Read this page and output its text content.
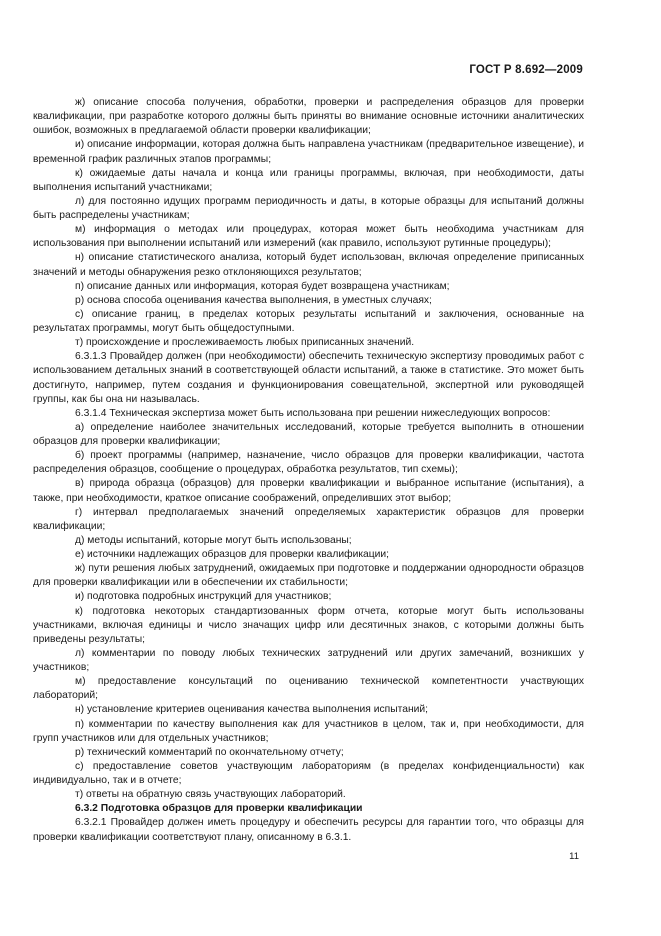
ГОСТ Р 8.692—2009

ж) описание способа получения, обработки, проверки и распределения образцов для проверки квалификации, при разработке которого должны быть приняты во внимание основные источники аналитических ошибок, возможных в предлагаемой области проверки квалификации;

и) описание информации, которая должна быть направлена участникам (предварительное извещение), и временной график различных этапов программы;

к) ожидаемые даты начала и конца или границы программы, включая, при необходимости, даты выполнения испытаний участниками;

л) для постоянно идущих программ периодичность и даты, в которые образцы для испытаний должны быть распределены участникам;

м) информация о методах или процедурах, которая может быть необходима участникам для использования при выполнении испытаний или измерений (как правило, используют рутинные процедуры);

н) описание статистического анализа, который будет использован, включая определение приписанных значений и методы обнаружения резко отклоняющихся результатов;

п) описание данных или информация, которая будет возвращена участникам;

р) основа способа оценивания качества выполнения, в уместных случаях;

с) описание границ, в пределах которых результаты испытаний и заключения, основанные на результатах программы, могут быть общедоступными.

т) происхождение и прослеживаемость любых приписанных значений.

6.3.1.3 Провайдер должен (при необходимости) обеспечить техническую экспертизу проводимых работ с использованием детальных знаний в соответствующей области испытаний, а также в статистике. Это может быть достигнуто, например, путем создания и функционирования совещательной, экспертной или руководящей группы, как бы она ни называлась.

6.3.1.4 Техническая экспертиза может быть использована при решении нижеследующих вопросов:

а) определение наиболее значительных исследований, которые требуется выполнить в отношении образцов для проверки квалификации;

б) проект программы (например, назначение, число образцов для проверки квалификации, частота распределения образцов, сообщение о процедурах, обработка результатов, тип схемы);

в) природа образца (образцов) для проверки квалификации и выбранное испытание (испытания), а также, при необходимости, краткое описание соображений, определивших этот выбор;

г) интервал предполагаемых значений определяемых характеристик образцов для проверки квалификации;

д) методы испытаний, которые могут быть использованы;

е) источники надлежащих образцов для проверки квалификации;

ж) пути решения любых затруднений, ожидаемых при подготовке и поддержании однородности образцов для проверки квалификации или в обеспечении их стабильности;

и) подготовка подробных инструкций для участников;

к) подготовка некоторых стандартизованных форм отчета, которые могут быть использованы участниками, включая единицы и число значащих цифр или десятичных знаков, с которыми должны быть приведены результаты;

л) комментарии по поводу любых технических затруднений или других замечаний, возникших у участников;

м) предоставление консультаций по оцениванию технической компетентности участвующих лабораторий;

н) установление критериев оценивания качества выполнения испытаний;

п) комментарии по качеству выполнения как для участников в целом, так и, при необходимости, для групп участников или для отдельных участников;

р) технический комментарий по окончательному отчету;

с) предоставление советов участвующим лабораториям (в пределах конфиденциальности) как индивидуально, так и в отчете;

т) ответы на обратную связь участвующих лабораторий.

6.3.2 Подготовка образцов для проверки квалификации

6.3.2.1 Провайдер должен иметь процедуру и обеспечить ресурсы для гарантии того, что образцы для проверки квалификации соответствуют плану, описанному в 6.3.1.

11
